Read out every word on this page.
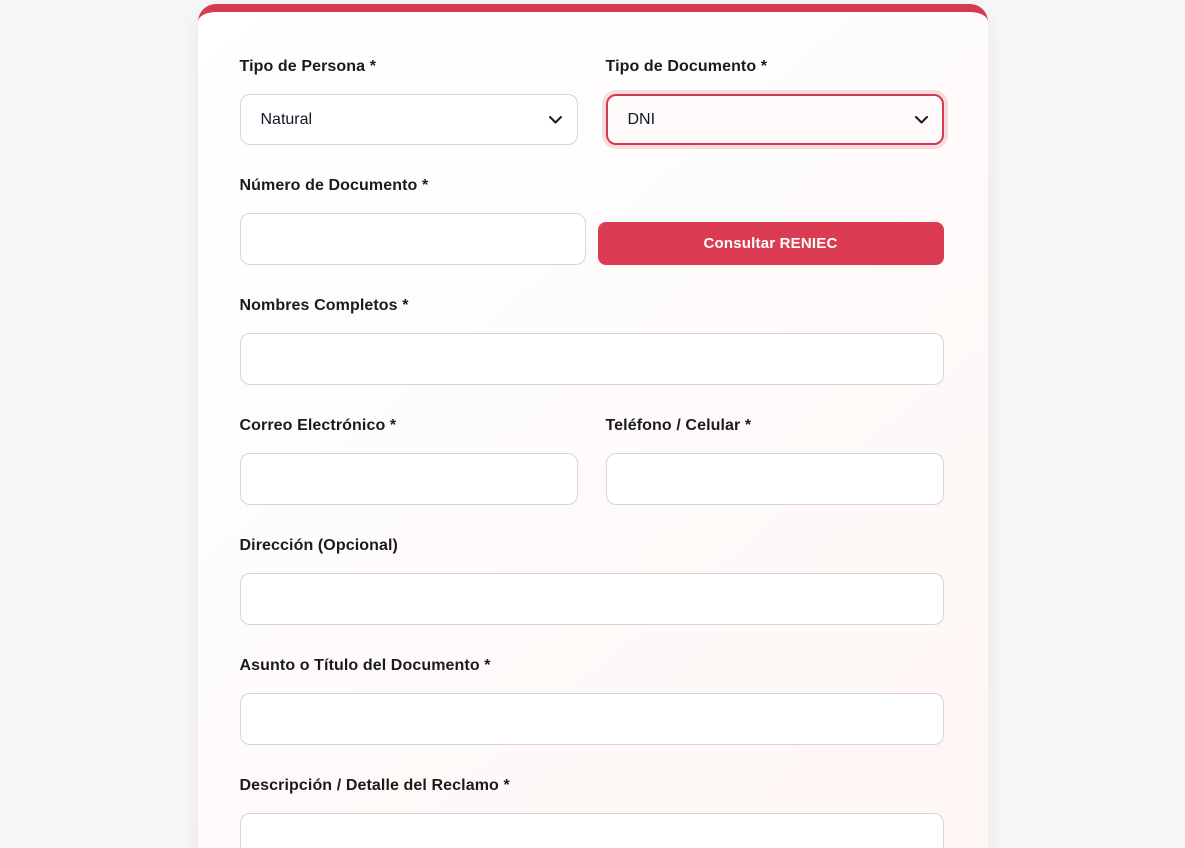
Tipo de Persona *
Natural	Tipo de Documento *
DNI
Número de Documento *
Consultar RENIEC
Nombres Completos *
Correo Electrónico *	Teléfono / Celular *
Dirección (Opcional)
Asunto o Título del Documento *
Descripción / Detalle del Reclamo *
